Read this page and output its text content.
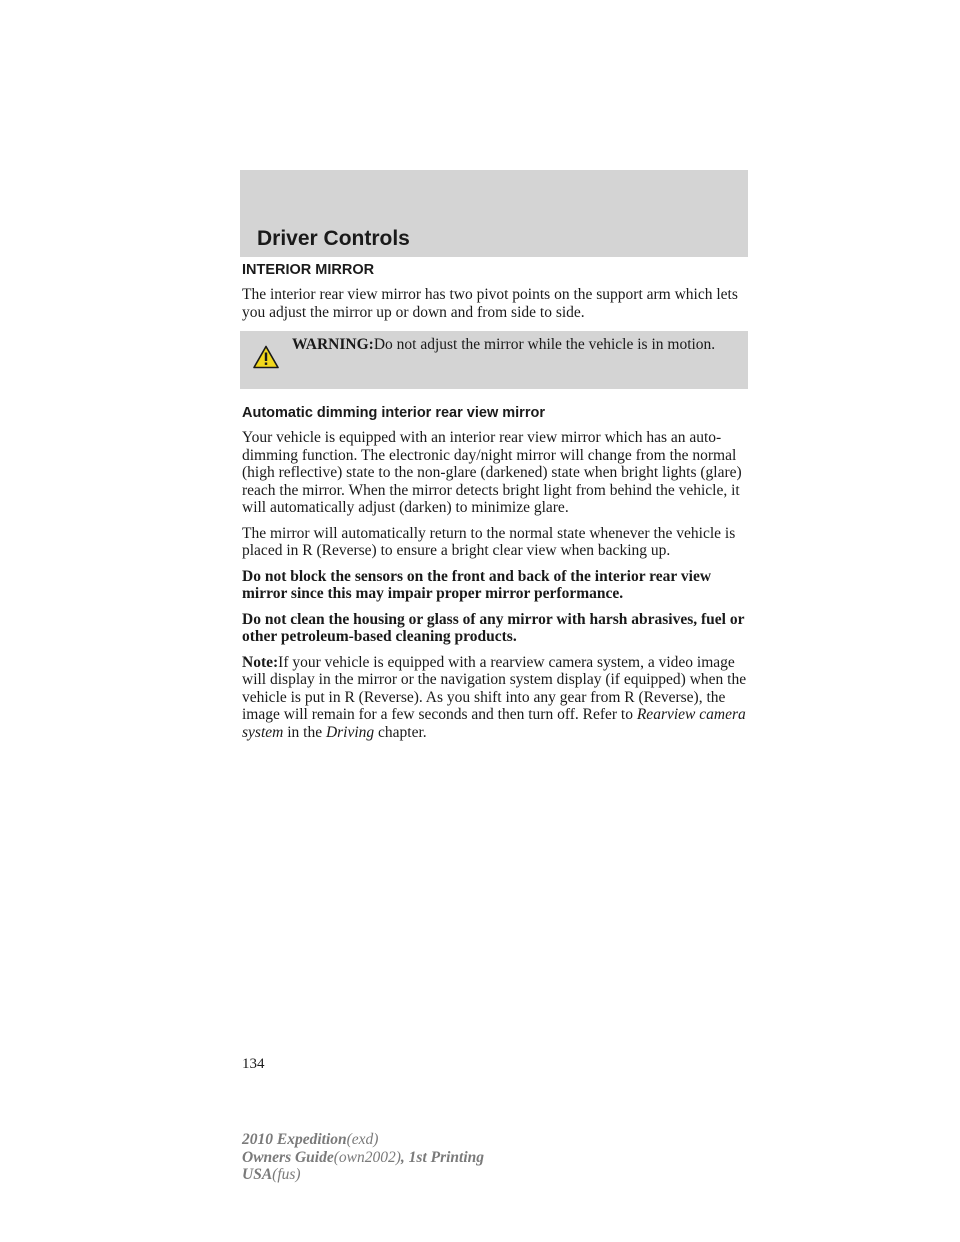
Driver Controls
INTERIOR MIRROR

The interior rear view mirror has two pivot points on the support arm which lets you adjust the mirror up or down and from side to side.

WARNING:Do not adjust the mirror while the vehicle is in motion.

Automatic dimming interior rear view mirror

Your vehicle is equipped with an interior rear view mirror which has an auto-dimming function. The electronic day/night mirror will change from the normal (high reflective) state to the non-glare (darkened) state when bright lights (glare) reach the mirror. When the mirror detects bright light from behind the vehicle, it will automatically adjust (darken) to minimize glare.

The mirror will automatically return to the normal state whenever the vehicle is placed in R (Reverse) to ensure a bright clear view when backing up.

Do not block the sensors on the front and back of the interior rear view mirror since this may impair proper mirror performance.

Do not clean the housing or glass of any mirror with harsh abrasives, fuel or other petroleum-based cleaning products.

Note:If your vehicle is equipped with a rearview camera system, a video image will display in the mirror or the navigation system display (if equipped) when the vehicle is put in R (Reverse). As you shift into any gear from R (Reverse), the image will remain for a few seconds and then turn off. Refer to Rearview camera system in the Driving chapter.

134

2010 Expedition(exd)

Owners Guide(own2002), 1st Printing

USA(fus)
